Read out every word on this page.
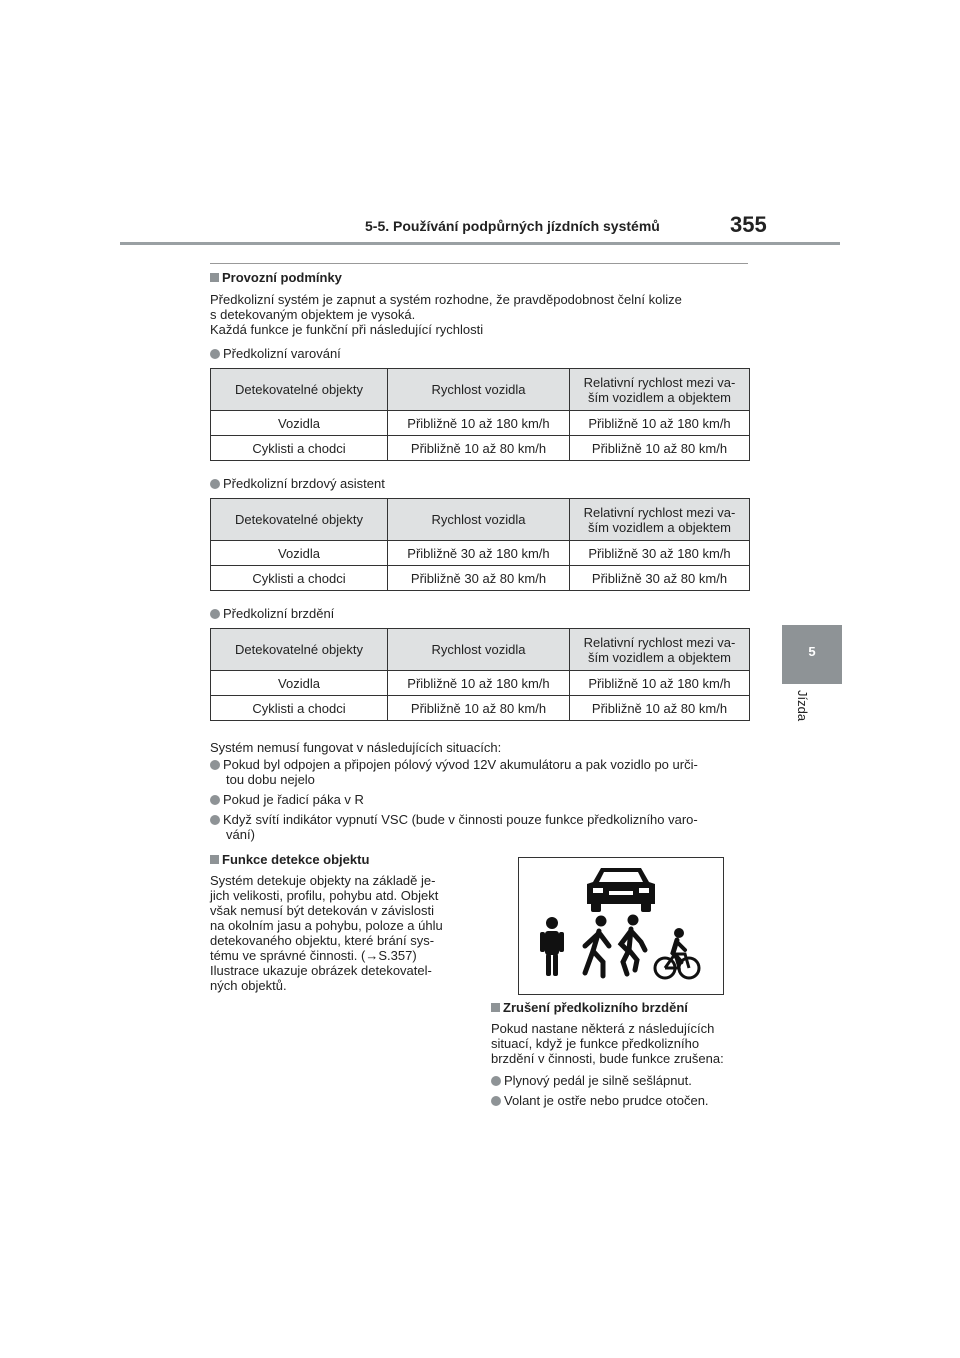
5-5. Používání podpůrných jízdních systémů	355
5
Jízda
Provozní podmínky
Předkolizní systém je zapnut a systém rozhodne, že pravděpodobnost čelní kolize
s detekovaným objektem je vysoká.
Každá funkce je funkční při následující rychlosti
Předkolizní varování
Detekovatelné objekty	Rychlost vozidla	Relativní rychlost mezi va-
ším vozidlem a objektem
Vozidla	Přibližně 10 až 180 km/h	Přibližně 10 až 180 km/h
Cyklisti a chodci	Přibližně 10 až 80 km/h	Přibližně 10 až 80 km/h
Předkolizní brzdový asistent
Detekovatelné objekty	Rychlost vozidla	Relativní rychlost mezi va-
ším vozidlem a objektem
Vozidla	Přibližně 30 až 180 km/h	Přibližně 30 až 180 km/h
Cyklisti a chodci	Přibližně 30 až 80 km/h	Přibližně 30 až 80 km/h
Předkolizní brzdění
Detekovatelné objekty	Rychlost vozidla	Relativní rychlost mezi va-
ším vozidlem a objektem
Vozidla	Přibližně 10 až 180 km/h	Přibližně 10 až 180 km/h
Cyklisti a chodci	Přibližně 10 až 80 km/h	Přibližně 10 až 80 km/h
Systém nemusí fungovat v následujících situacích:
Pokud byl odpojen a připojen pólový vývod 12V akumulátoru a pak vozidlo po urči-
tou dobu nejelo
Pokud je řadicí páka v R
Když svítí indikátor vypnutí VSC (bude v činnosti pouze funkce předkolizního varo-
vání)
Funkce detekce objektu
Systém detekuje objekty na základě je-
jich velikosti, profilu, pohybu atd. Objekt
však nemusí být detekován v závislosti
na okolním jasu a pohybu, poloze a úhlu
detekovaného objektu, které brání sys-
tému ve správné činnosti. (→S.357)
Ilustrace ukazuje obrázek detekovatel-
ných objektů.
Zrušení předkolizního brzdění
Pokud nastane některá z následujících
situací, když je funkce předkolizního
brzdění v činnosti, bude funkce zrušena:
Plynový pedál je silně sešlápnut.
Volant je ostře nebo prudce otočen.
